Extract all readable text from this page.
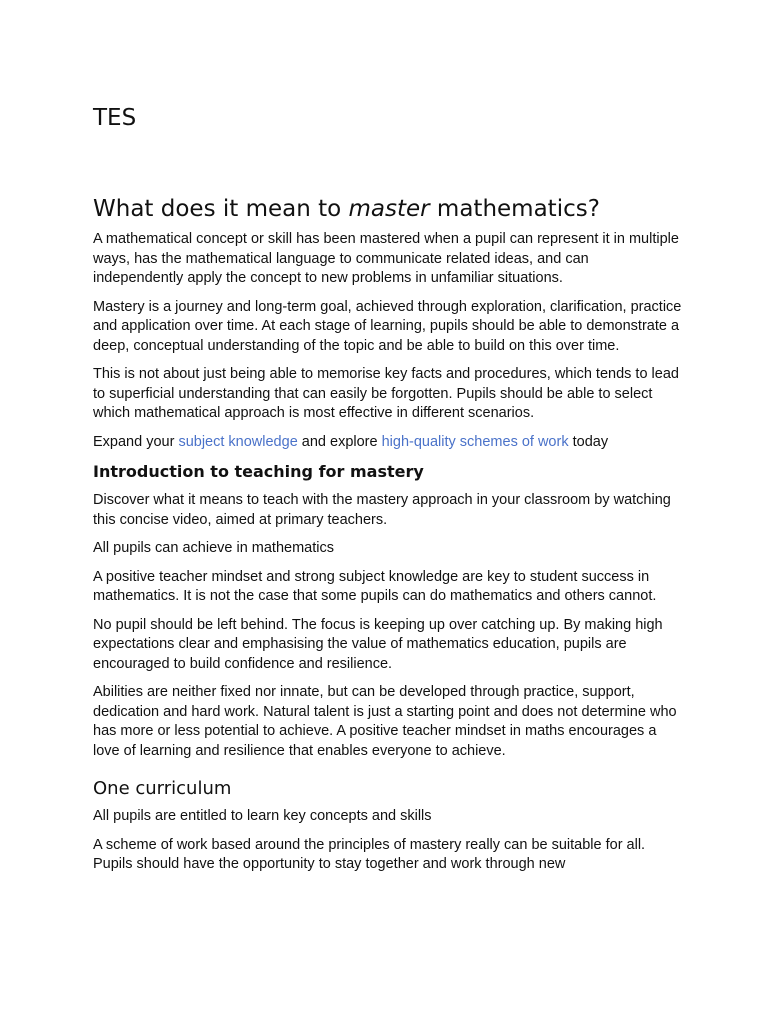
TES
What does it mean to master mathematics?

A mathematical concept or skill has been mastered when a pupil can represent it in multiple ways, has the mathematical language to communicate related ideas, and can independently apply the concept to new problems in unfamiliar situations.

Mastery is a journey and long-term goal, achieved through exploration, clarification, practice and application over time. At each stage of learning, pupils should be able to demonstrate a deep, conceptual understanding of the topic and be able to build on this over time.

This is not about just being able to memorise key facts and procedures, which tends to lead to superficial understanding that can easily be forgotten. Pupils should be able to select which mathematical approach is most effective in different scenarios.

Expand your subject knowledge and explore high-quality schemes of work today

Introduction to teaching for mastery

Discover what it means to teach with the mastery approach in your classroom by watching this concise video, aimed at primary teachers.

All pupils can achieve in mathematics

A positive teacher mindset and strong subject knowledge are key to student success in mathematics. It is not the case that some pupils can do mathematics and others cannot.

No pupil should be left behind. The focus is keeping up over catching up. By making high expectations clear and emphasising the value of mathematics education, pupils are encouraged to build confidence and resilience.

Abilities are neither fixed nor innate, but can be developed through practice, support, dedication and hard work. Natural talent is just a starting point and does not determine who has more or less potential to achieve. A positive teacher mindset in maths encourages a love of learning and resilience that enables everyone to achieve.

One curriculum

All pupils are entitled to learn key concepts and skills

A scheme of work based around the principles of mastery really can be suitable for all. Pupils should have the opportunity to stay together and work through new
